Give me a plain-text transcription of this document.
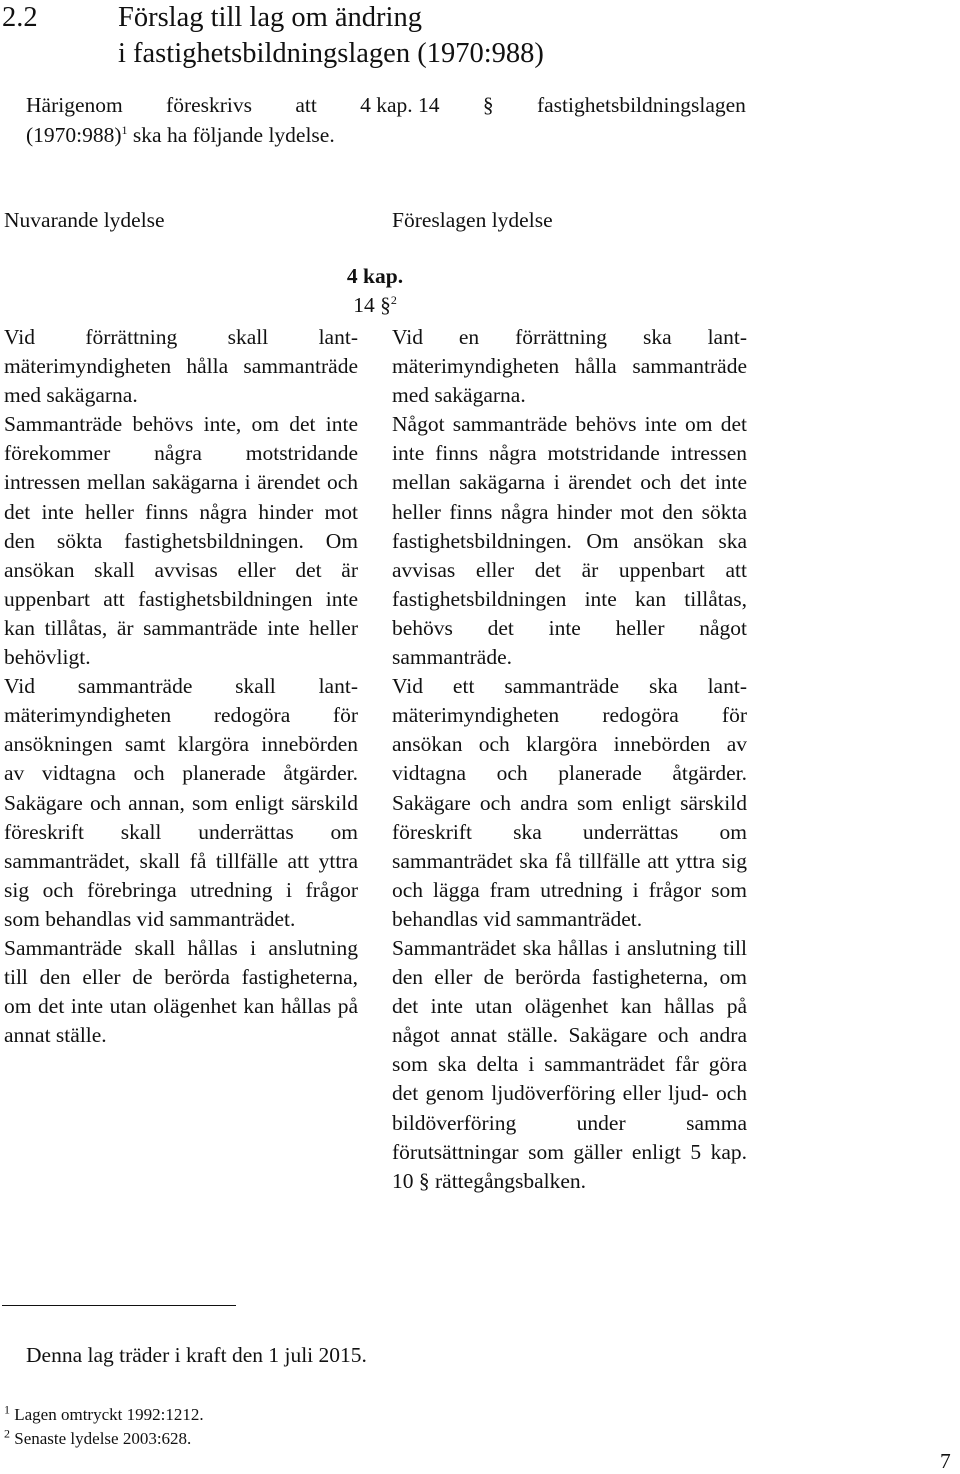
2.2	Förslag till lag om ändring
i fastighetsbildningslagen (1970:988)
Härigenom föreskrivs att 4 kap. 14 § fastighetsbildningslagen
(1970:988)$^1$ ska ha följande lydelse.
Nuvarande lydelse	Föreslagen lydelse
4 kap.
14 §$^2$

Vid förrättning skall lantmäterimyndigheten hålla sammanträde med sakägarna.

Sammanträde behövs inte, om det inte förekommer några motstridande intressen mellan sakägarna i ärendet och det inte heller finns några hinder mot den sökta fastighetsbildningen. Om ansökan skall avvisas eller det är uppenbart att fastighetsbildningen inte kan tillåtas, är sammanträde inte heller behövligt.

Vid sammanträde skall lantmäterimyndigheten redogöra för ansökningen samt klargöra innebörden av vidtagna och planerade åtgärder. Sakägare och annan, som enligt särskild föreskrift skall underrättas om sammanträdet, skall få tillfälle att yttra sig och förebringa utredning i frågor som behandlas vid sammanträdet.

Sammanträde skall hållas i anslutning till den eller de berörda fastigheterna, om det inte utan olägenhet kan hållas på annat ställe.

Vid en förrättning ska lantmäterimyndigheten hålla sammanträde med sakägarna.

Något sammanträde behövs inte om det inte finns några motstridande intressen mellan sakägarna i ärendet och det inte heller finns några hinder mot den sökta fastighetsbildningen. Om ansökan ska avvisas eller det är uppenbart att fastighetsbildningen inte kan tillåtas, behövs det inte heller något sammanträde.

Vid ett sammanträde ska lantmäterimyndigheten redogöra för ansökan och klargöra innebörden av vidtagna och planerade åtgärder. Sakägare och andra som enligt särskild föreskrift ska underrättas om sammanträdet ska få tillfälle att yttra sig och lägga fram utredning i frågor som behandlas vid sammanträdet.

Sammanträdet ska hållas i anslutning till den eller de berörda fastigheterna, om det inte utan olägenhet kan hållas på något annat ställe. Sakägare och andra som ska delta i sammanträdet får göra det genom ljudöverföring eller ljud- och bildöverföring under samma förutsättningar som gäller enligt 5 kap. 10 § rättegångsbalken.

Denna lag träder i kraft den 1 juli 2015.
$^1$ Lagen omtryckt 1992:1212.
$^2$ Senaste lydelse 2003:628.
7
